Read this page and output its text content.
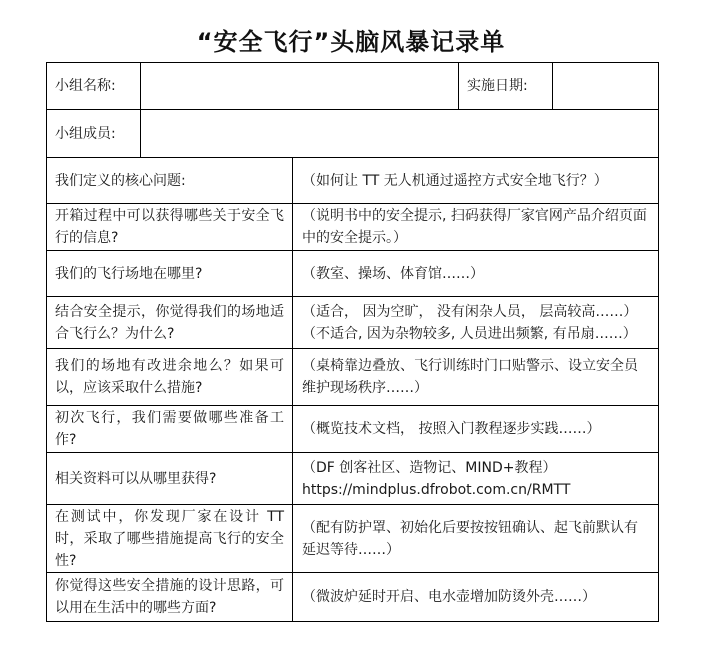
“安全飞行”头脑风暴记录单
小组名称:			实施日期:	
小组成员:				
我们定义的核心问题:		（如何让 TT 无人机通过遥控方式安全地飞行？）		

开箱过程中可以获得哪些关于安全飞行的信息?		（说明书中的安全提示, 扫码获得厂家官网产品介绍页面中的安全提示。）		

我们的飞行场地在哪里?		（教室、操场、体育馆……）		

结合安全提示，你觉得我们的场地适合飞行么？为什么?		（适合， 因为空旷， 没有闲杂人员， 层高较高……）
（不适合, 因为杂物较多, 人员进出频繁, 有吊扇……）		

我们的场地有改进余地么？如果可以，应该采取什么措施?		（桌椅靠边叠放、飞行训练时门口贴警示、设立安全员维护现场秩序……）		

初次飞行，我们需要做哪些准备工作?		（概览技术文档， 按照入门教程逐步实践……）		

相关资料可以从哪里获得?		（DF 创客社区、造物记、MIND+教程）
https://mindplus.dfrobot.com.cn/RMTT		

在测试中，你发现厂家在设计 TT 时，采取了哪些措施提高飞行的安全性?		（配有防护罩、初始化后要按按钮确认、起飞前默认有延迟等待……）		

你觉得这些安全措施的设计思路，可以用在生活中的哪些方面?		（微波炉延时开启、电水壶增加防烫外壳……）		
